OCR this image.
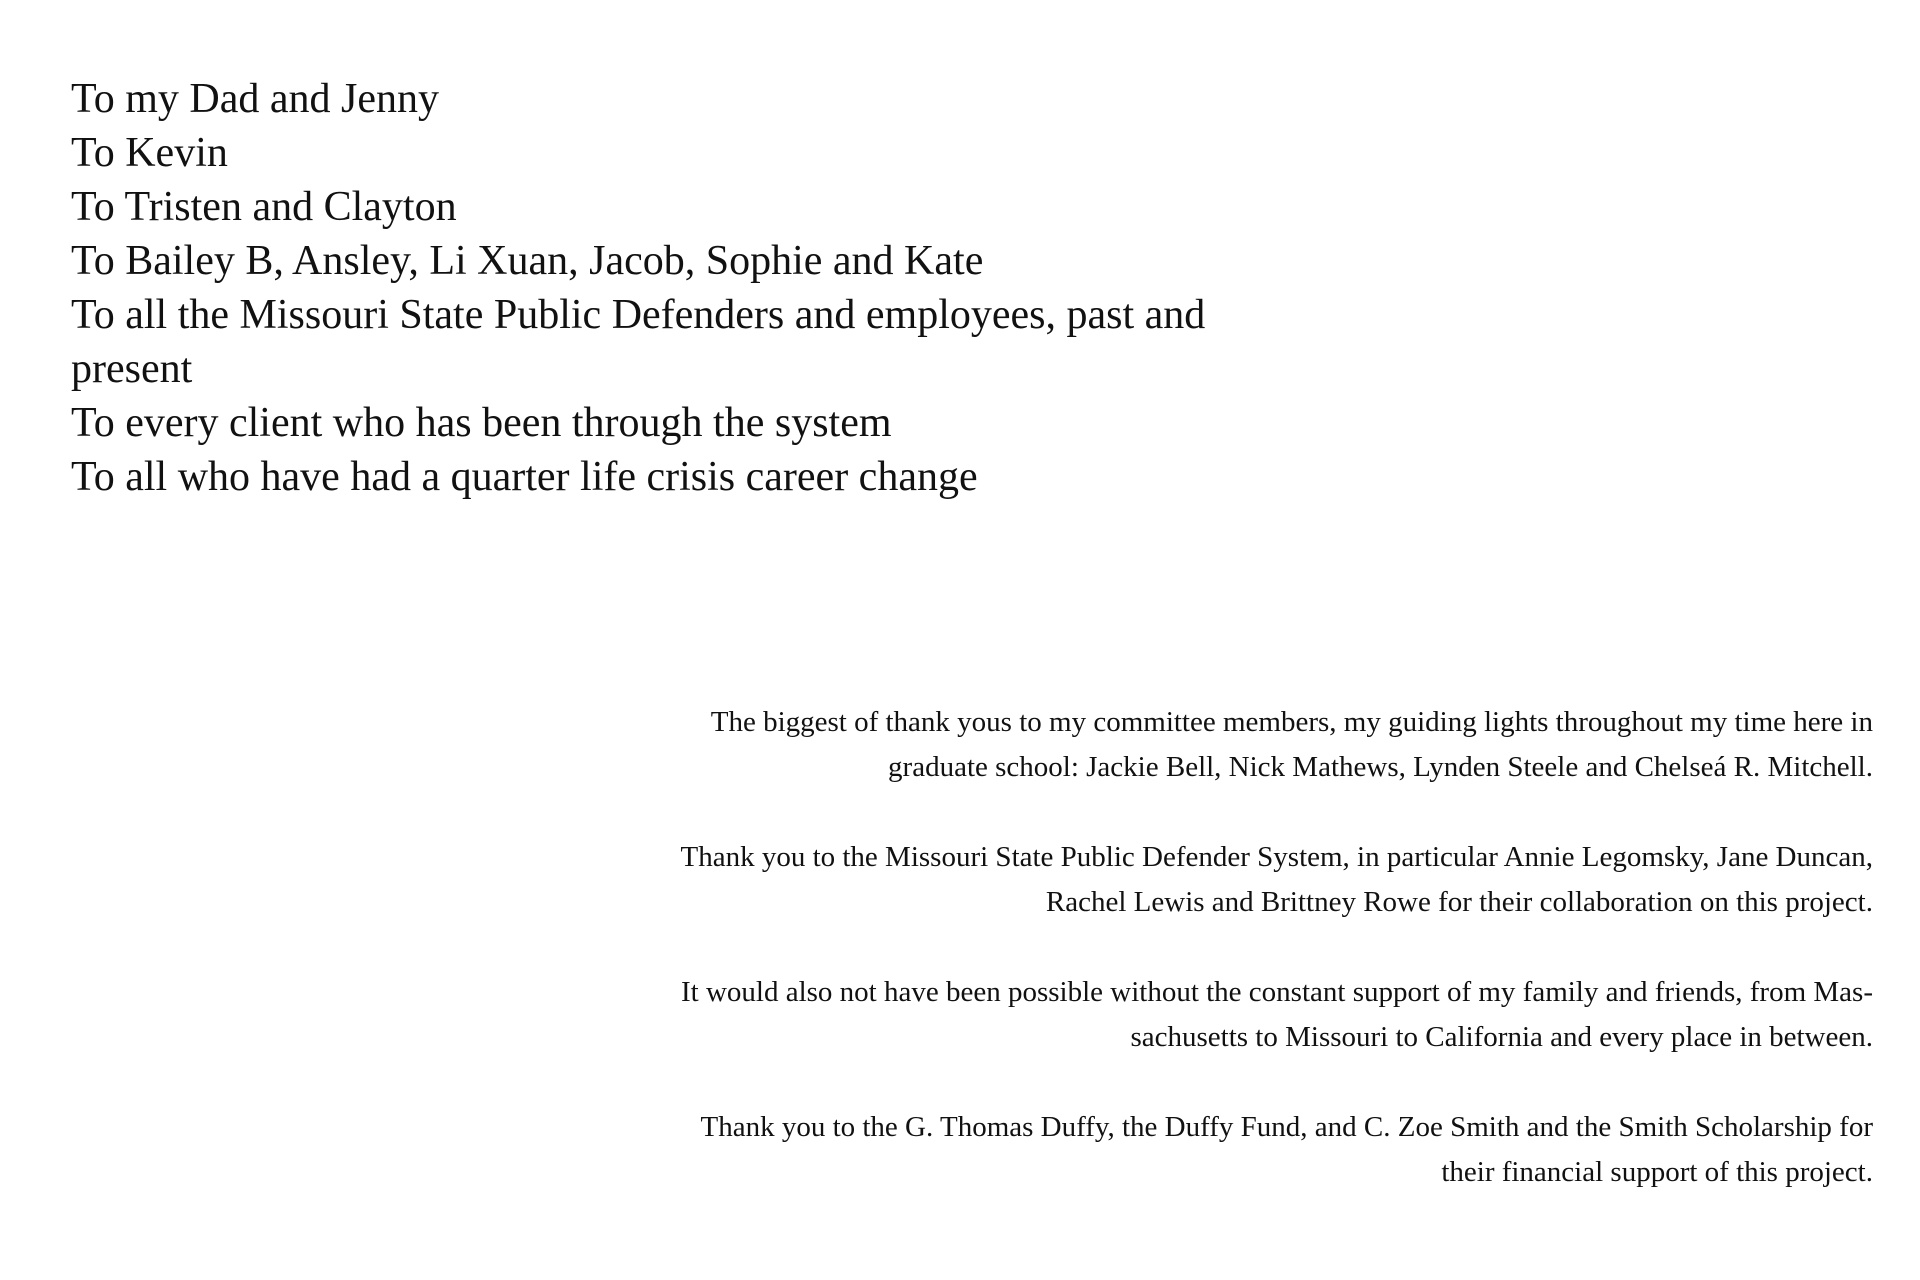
To my Dad and Jenny
To Kevin
To Tristen and Clayton
To Bailey B, Ansley, Li Xuan, Jacob, Sophie and Kate
To all the Missouri State Public Defenders and employees, past and
present
To every client who has been through the system
To all who have had a quarter life crisis career change

The biggest of thank yous to my committee members, my guiding lights throughout my time here in
graduate school: Jackie Bell, Nick Mathews, Lynden Steele and Chelseá R. Mitchell.

Thank you to the Missouri State Public Defender System, in particular Annie Legomsky, Jane Duncan,
Rachel Lewis and Brittney Rowe for their collaboration on this project.

It would also not have been possible without the constant support of my family and friends, from Mas-
sachusetts to Missouri to California and every place in between.

Thank you to the G. Thomas Duffy, the Duffy Fund, and C. Zoe Smith and the Smith Scholarship for
their financial support of this project.
